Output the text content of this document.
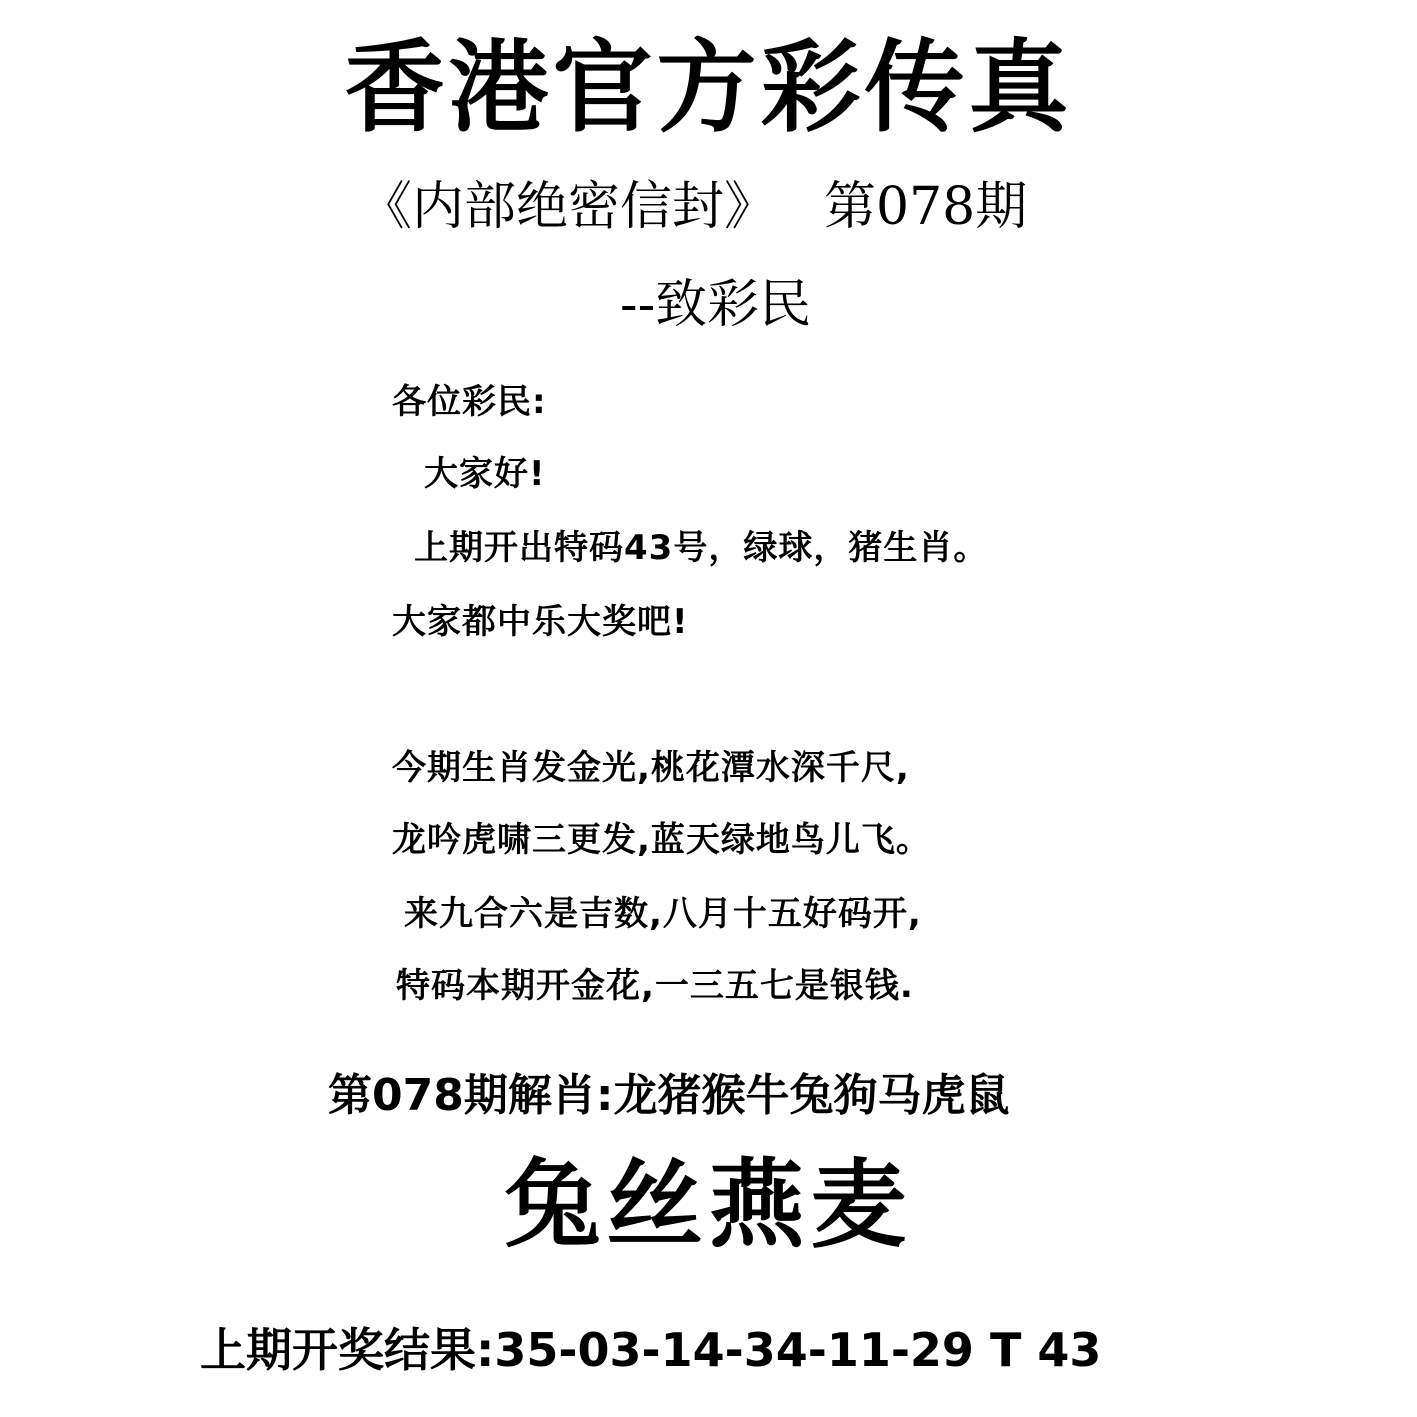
香港官方彩传真
《内部绝密信封》 第078期
--致彩民
各位彩民:
大家好!
上期开出特码43号，绿球，猪生肖。
大家都中乐大奖吧!
今期生肖发金光,桃花潭水深千尺,
龙吟虎啸三更发,蓝天绿地鸟儿飞。
来九合六是吉数,八月十五好码开,
特码本期开金花,一三五七是银钱.
第078期解肖:龙猪猴牛兔狗马虎鼠
兔丝燕麦
上期开奖结果:35-03-14-34-11-29 T 43
